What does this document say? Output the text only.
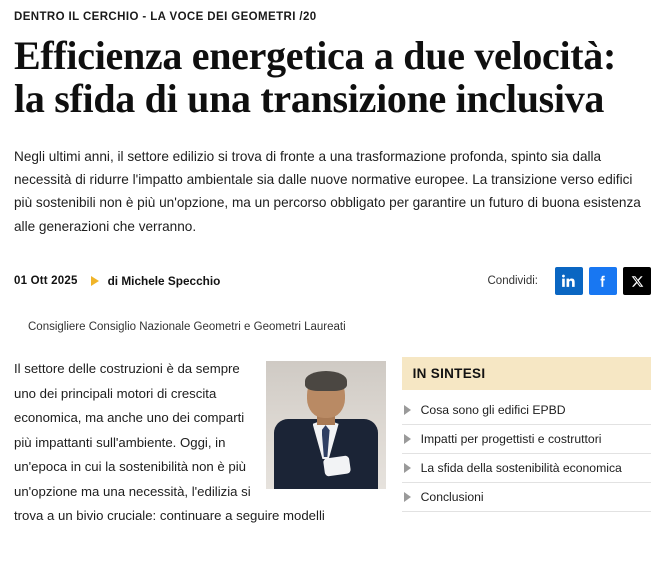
DENTRO IL CERCHIO - LA VOCE DEI GEOMETRI /20
Efficienza energetica a due velocità: la sfida di una transizione inclusiva
Negli ultimi anni, il settore edilizio si trova di fronte a una trasformazione profonda, spinto sia dalla necessità di ridurre l'impatto ambientale sia dalle nuove normative europee. La transizione verso edifici più sostenibili non è più un'opzione, ma un percorso obbligato per garantire un futuro di buona esistenza alle generazioni che verranno.
01 Ott 2025	di Michele Specchio	Condividi:
Consigliere Consiglio Nazionale Geometri e Geometri Laureati

Il settore delle costruzioni è da sempre uno dei principali motori di crescita economica, ma anche uno dei comparti più impattanti sull'ambiente. Oggi, in un'epoca in cui la sostenibilità non è più un'opzione ma una necessità, l'edilizia si trova a un bivio cruciale: continuare a seguire modelli

IN SINTESI
Cosa sono gli edifici EPBD
Impatti per progettisti e costruttori
La sfida della sostenibilità economica
Conclusioni
